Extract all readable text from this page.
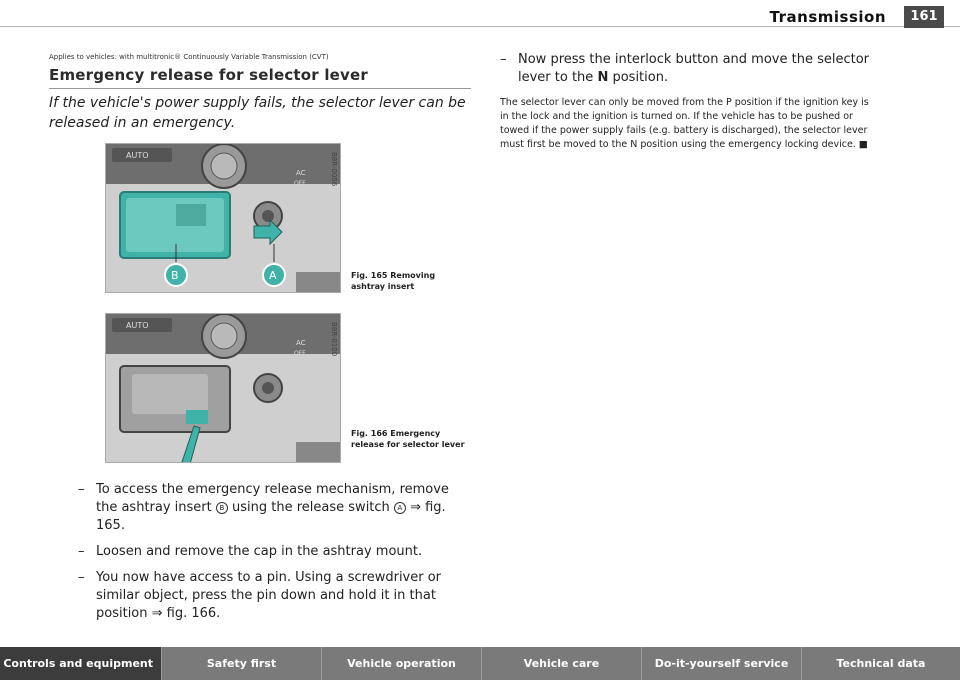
Transmission	161
Applies to vehicles: with multitronic® Continuously Variable Transmission (CVT)
Emergency release for selector lever
If the vehicle's power supply fails, the selector lever can be released in an emergency.
AUTO
AC
OFF
B	A
B8R-0056
Fig. 165 Removing ashtray insert
AUTO
AC
OFF	B8R-0100
Fig. 166 Emergency release for selector lever
– To access the emergency release mechanism, remove the ashtray insert B using the release switch A ⇒ fig. 165.
– Loosen and remove the cap in the ashtray mount.
– You now have access to a pin. Using a screwdriver or similar object, press the pin down and hold it in that position ⇒ fig. 166.
– Now press the interlock button and move the selector lever to the N position.
The selector lever can only be moved from the P position if the ignition key is in the lock and the ignition is turned on. If the vehicle has to be pushed or towed if the power supply fails (e.g. battery is discharged), the selector lever must first be moved to the N position using the emergency locking device. ■
Controls and equipment	Safety first	Vehicle operation	Vehicle care	Do-it-yourself service	Technical data
